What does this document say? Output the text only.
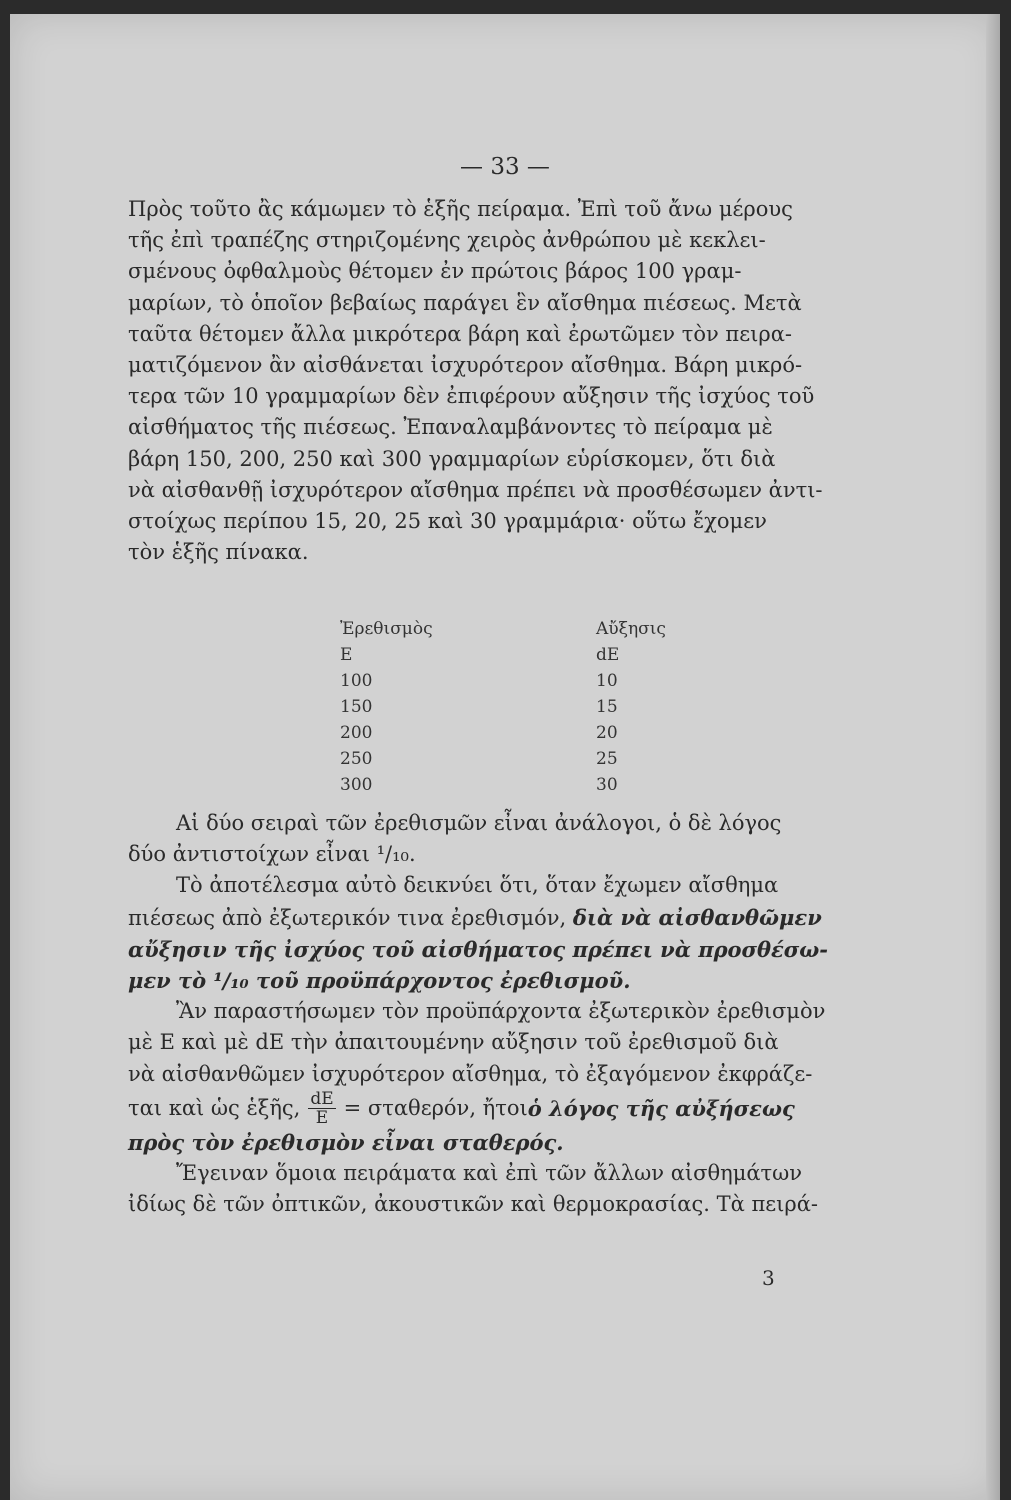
— 33 —

Πρὸς τοῦτο ἂς κάμωμεν τὸ ἑξῆς πείραμα. Ἐπὶ τοῦ ἄνω μέρους

τῆς ἐπὶ τραπέζης στηριζομένης χειρὸς ἀνθρώπου μὲ κεκλει-

σμένους ὀφθαλμοὺς θέτομεν ἐν πρώτοις βάρος 100 γραμ-

μαρίων, τὸ ὁποῖον βεβαίως παράγει ἓν αἴσθημα πιέσεως. Μετὰ

ταῦτα θέτομεν ἄλλα μικρότερα βάρη καὶ ἐρωτῶμεν τὸν πειρα-

ματιζόμενον ἂν αἰσθάνεται ἰσχυρότερον αἴσθημα. Βάρη μικρό-

τερα τῶν 10 γραμμαρίων δὲν ἐπιφέρουν αὔξησιν τῆς ἰσχύος τοῦ

αἰσθήματος τῆς πιέσεως. Ἐπαναλαμβάνοντες τὸ πείραμα μὲ

βάρη 150, 200, 250 καὶ 300 γραμμαρίων εὑρίσκομεν, ὅτι διὰ

νὰ αἰσθανθῇ ἰσχυρότερον αἴσθημα πρέπει νὰ προσθέσωμεν ἀντι-

στοίχως περίπου 15, 20, 25 καὶ 30 γραμμάρια· οὕτω ἔχομεν

τὸν ἑξῆς πίνακα.

Ἐρεθισμὸς
E
100
150
200
250
300
Αὔξησις
dE
10
15
20
25
30

Αἱ δύο σειραὶ τῶν ἐρεθισμῶν εἶναι ἀνάλογοι, ὁ δὲ λόγος

δύο ἀντιστοίχων εἶναι ¹/₁₀.

Τὸ ἀποτέλεσμα αὐτὸ δεικνύει ὅτι, ὅταν ἔχωμεν αἴσθημα

πιέσεως ἀπὸ ἐξωτερικόν τινα ἐρεθισμόν, διὰ νὰ αἰσθανθῶμεν

αὔξησιν τῆς ἰσχύος τοῦ αἰσθήματος πρέπει νὰ προσθέσω-

μεν τὸ ¹/₁₀ τοῦ προϋπάρχοντος ἐρεθισμοῦ.

Ἂν παραστήσωμεν τὸν προϋπάρχοντα ἐξωτερικὸν ἐρεθισμὸν

μὲ E καὶ μὲ dE τὴν ἀπαιτουμένην αὔξησιν τοῦ ἐρεθισμοῦ διὰ

νὰ αἰσθανθῶμεν ἰσχυρότερον αἴσθημα, τὸ ἐξαγόμενον ἐκφράζε-

ται καὶ ὡς ἑξῆς, $\frac{dE}{E} = \sigma\tau\alpha\theta\varepsilon\rho ό\nu$, ἤτοι ὁ λόγος τῆς αὐξήσεως

πρὸς τὸν ἐρεθισμὸν εἶναι σταθερός.

Ἔγειναν ὅμοια πειράματα καὶ ἐπὶ τῶν ἄλλων αἰσθημάτων

ἰδίως δὲ τῶν ὀπτικῶν, ἀκουστικῶν καὶ θερμοκρασίας. Τὰ πειρά-

3
